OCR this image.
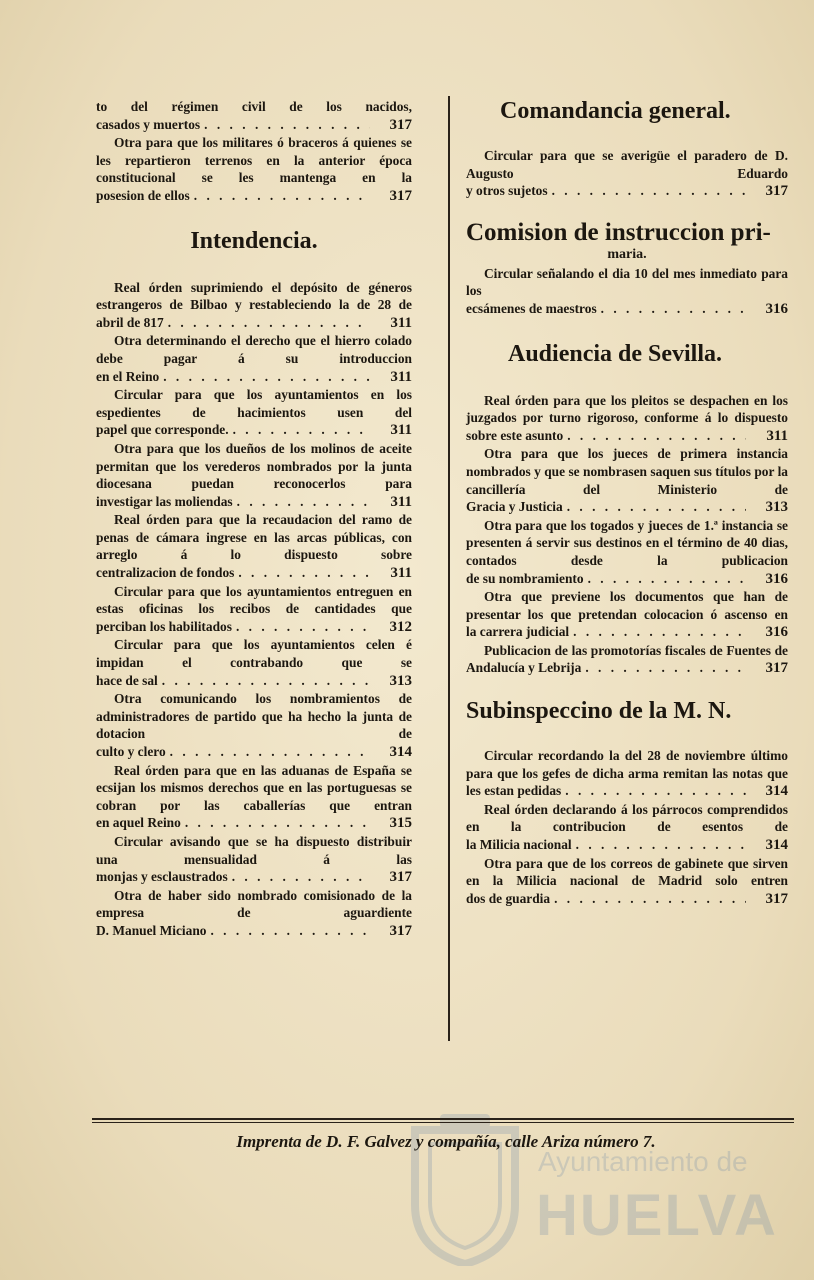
Ayuntamiento de
HUELVA
to del régimen civil de los nacidos,
casados y muertos . . .	317
Otra para que los militares ó braceros á quienes se les repartieron terrenos en la anterior época constitucional se les mantenga en la
posesion de ellos . . .	317
Intendencia.
Real órden suprimiendo el depósito de géneros estrangeros de Bilbao y restableciendo la de 28 de
abril de 817 . . .	311
Otra determinando el derecho que el hierro colado debe pagar á su introduccion
en el Reino . . .	311
Circular para que los ayuntamientos en los espedientes de hacimientos usen del
papel que corresponde. . . .	311
Otra para que los dueños de los molinos de aceite permitan que los verederos nombrados por la junta diocesana puedan reconocerlos para
investigar las moliendas . . .	311
Real órden para que la recaudacion del ramo de penas de cámara ingrese en las arcas públicas, con arreglo á lo dispuesto sobre
centralizacion de fondos . . .	311
Circular para que los ayuntamientos entreguen en estas oficinas los recibos de cantidades que
perciban los habilitados . . .	312
Circular para que los ayuntamientos celen é impidan el contrabando que se
hace de sal . . .	313
Otra comunicando los nombramientos de administradores de partido que ha hecho la junta de dotacion de
culto y clero . . .	314
Real órden para que en las aduanas de España se ecsijan los mismos derechos que en las portuguesas se cobran por las caballerías que entran
en aquel Reino . . .	315
Circular avisando que se ha dispuesto distribuir una mensualidad á las
monjas y esclaustrados . . .	317
Otra de haber sido nombrado comisionado de la empresa de aguardiente
D. Manuel Miciano . . .	317
Comandancia general.
Circular para que se averigüe el paradero de D. Augusto Eduardo
y otros sujetos . . .	317
Comision de instruccion pri-
maria.
Circular señalando el dia 10 del mes inmediato para los
ecsámenes de maestros . . .	316
Audiencia de Sevilla.
Real órden para que los pleitos se despachen en los juzgados por turno rigoroso, conforme á lo dispuesto
sobre este asunto . . .	311
Otra para que los jueces de primera instancia nombrados y que se nombrasen saquen sus títulos por la cancillería del Ministerio de
Gracia y Justicia . . .	313
Otra para que los togados y jueces de 1.ª instancia se presenten á servir sus destinos en el término de 40 dias, contados desde la publicacion
de su nombramiento . . .	316
Otra que previene los documentos que han de presentar los que pretendan colocacion ó ascenso en
la carrera judicial . . .	316
Publicacion de las promotorías fiscales de Fuentes de
Andalucía y Lebrija . . .	317
Subinspeccino de la M. N.
Circular recordando la del 28 de noviembre último para que los gefes de dicha arma remitan las notas que
les estan pedidas . . .	314
Real órden declarando á los párrocos comprendidos en la contribucion de esentos de
la Milicia nacional . . .	314
Otra para que de los correos de gabinete que sirven en la Milicia nacional de Madrid solo entren
dos de guardia . . .	317
Imprenta de D. F. Galvez y compañía, calle Ariza número 7.
